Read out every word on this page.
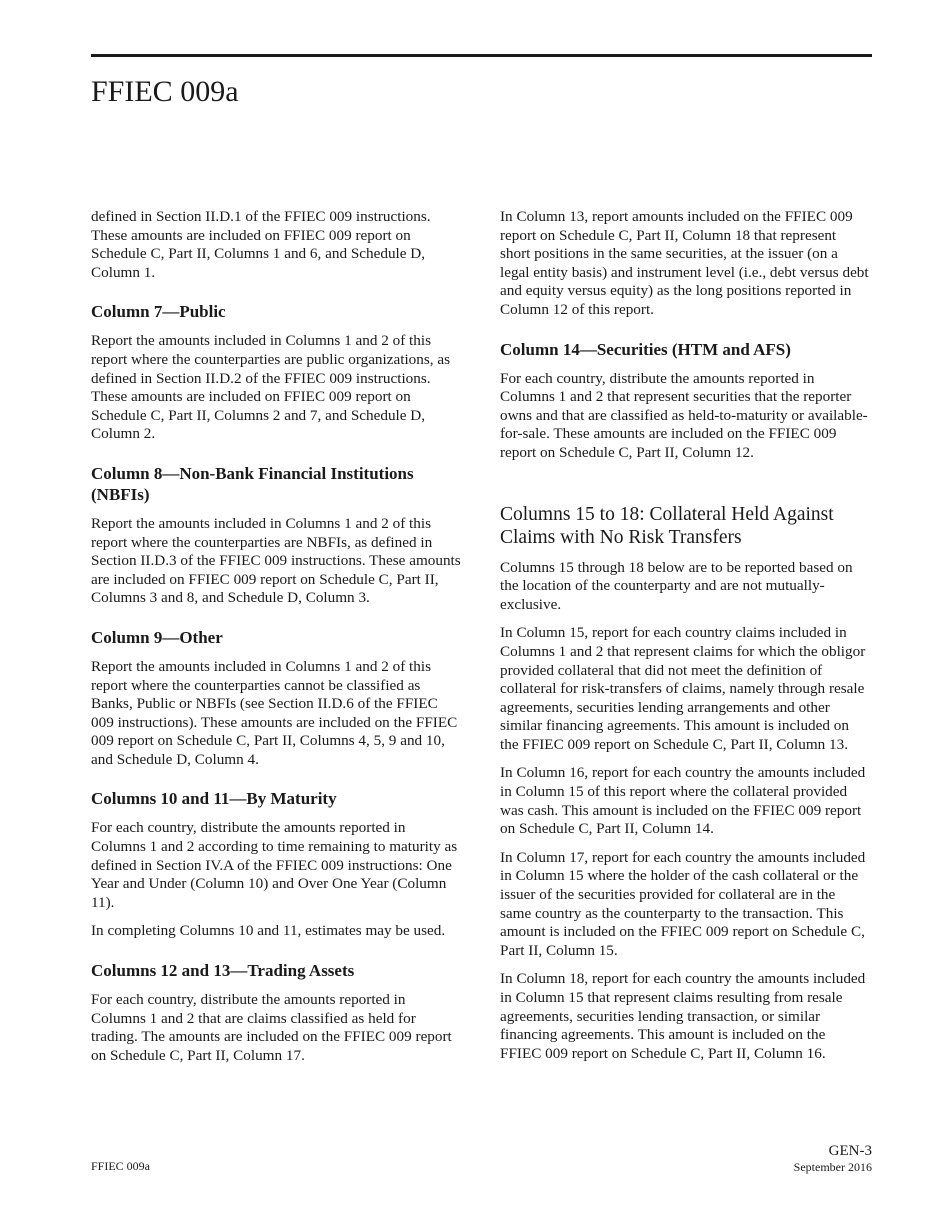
FFIEC 009a

defined in Section II.D.1 of the FFIEC 009 instructions. These amounts are included on FFIEC 009 report on Schedule C, Part II, Columns 1 and 6, and Schedule D, Column 1.

Column 7—Public

Report the amounts included in Columns 1 and 2 of this report where the counterparties are public organizations, as defined in Section II.D.2 of the FFIEC 009 instructions. These amounts are included on FFIEC 009 report on Schedule C, Part II, Columns 2 and 7, and Schedule D, Column 2.

Column 8—Non-Bank Financial Institutions (NBFIs)

Report the amounts included in Columns 1 and 2 of this report where the counterparties are NBFIs, as defined in Section II.D.3 of the FFIEC 009 instructions. These amounts are included on FFIEC 009 report on Schedule C, Part II, Columns 3 and 8, and Schedule D, Column 3.

Column 9—Other

Report the amounts included in Columns 1 and 2 of this report where the counterparties cannot be classified as Banks, Public or NBFIs (see Section II.D.6 of the FFIEC 009 instructions). These amounts are included on the FFIEC 009 report on Schedule C, Part II, Columns 4, 5, 9 and 10, and Schedule D, Column 4.

Columns 10 and 11—By Maturity

For each country, distribute the amounts reported in Columns 1 and 2 according to time remaining to maturity as defined in Section IV.A of the FFIEC 009 instructions: One Year and Under (Column 10) and Over One Year (Column 11).

In completing Columns 10 and 11, estimates may be used.

Columns 12 and 13—Trading Assets

For each country, distribute the amounts reported in Columns 1 and 2 that are claims classified as held for trading. The amounts are included on the FFIEC 009 report on Schedule C, Part II, Column 17.

In Column 13, report amounts included on the FFIEC 009 report on Schedule C, Part II, Column 18 that represent short positions in the same securities, at the issuer (on a legal entity basis) and instrument level (i.e., debt versus debt and equity versus equity) as the long positions reported in Column 12 of this report.

Column 14—Securities (HTM and AFS)

For each country, distribute the amounts reported in Columns 1 and 2 that represent securities that the reporter owns and that are classified as held-to-maturity or available-for-sale. These amounts are included on the FFIEC 009 report on Schedule C, Part II, Column 12.

Columns 15 to 18: Collateral Held Against Claims with No Risk Transfers

Columns 15 through 18 below are to be reported based on the location of the counterparty and are not mutually-exclusive.

In Column 15, report for each country claims included in Columns 1 and 2 that represent claims for which the obligor provided collateral that did not meet the definition of collateral for risk-transfers of claims, namely through resale agreements, securities lending arrangements and other similar financing agreements. This amount is included on the FFIEC 009 report on Schedule C, Part II, Column 13.

In Column 16, report for each country the amounts included in Column 15 of this report where the collateral provided was cash. This amount is included on the FFIEC 009 report on Schedule C, Part II, Column 14.

In Column 17, report for each country the amounts included in Column 15 where the holder of the cash collateral or the issuer of the securities provided for collateral are in the same country as the counterparty to the transaction. This amount is included on the FFIEC 009 report on Schedule C, Part II, Column 15.

In Column 18, report for each country the amounts included in Column 15 that represent claims resulting from resale agreements, securities lending transaction, or similar financing agreements. This amount is included on the FFIEC 009 report on Schedule C, Part II, Column 16.

FFIEC 009a
GEN-3
September 2016
